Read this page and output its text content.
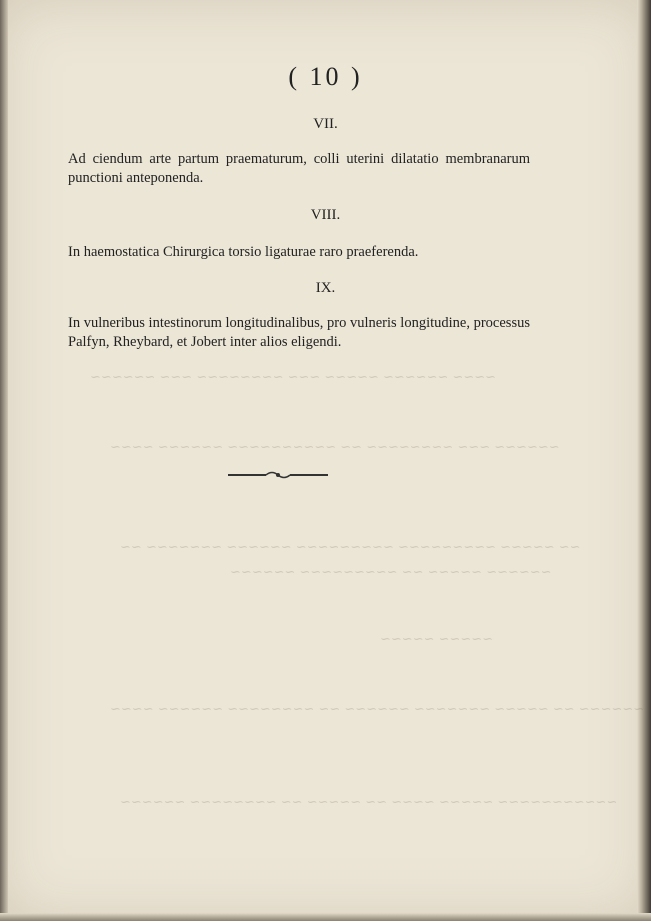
~~~~ ~~~~~~ ~~~~~ ~~~ ~~~~~~~~ ~~~ ~~~~~~
~~~~~~ ~~~ ~~~~~~~~ ~~ ~~~~~~~~~~ ~~~~~~ ~~~~
~~ ~~~~~ ~~~~~~~~~ ~~~~~~~~~ ~~~~~~ ~~~~~~~ ~~
~~~~~~ ~~~~~ ~~ ~~~~~~~~~ ~~~~~~
~~~~~ ~~~~~
~~~~~~ ~~ ~~~~~ ~~~~~~~ ~~~~~~ ~~ ~~~~~~~~ ~~~~~~ ~~~~
~~~~~~~~~~~ ~~~~~ ~~~~ ~~ ~~~~~ ~~ ~~~~~~~~ ~~~~~~
( 10 )
VII.
Ad ciendum arte partum praematurum, colli uterini dilatatio membranarum punctioni anteponenda.
VIII.
In haemostatica Chirurgica torsio ligaturae raro praeferenda.
IX.
In vulneribus intestinorum longitudinalibus, pro vulneris longitudine, processus Palfyn, Rheybard, et Jobert inter alios eligendi.
